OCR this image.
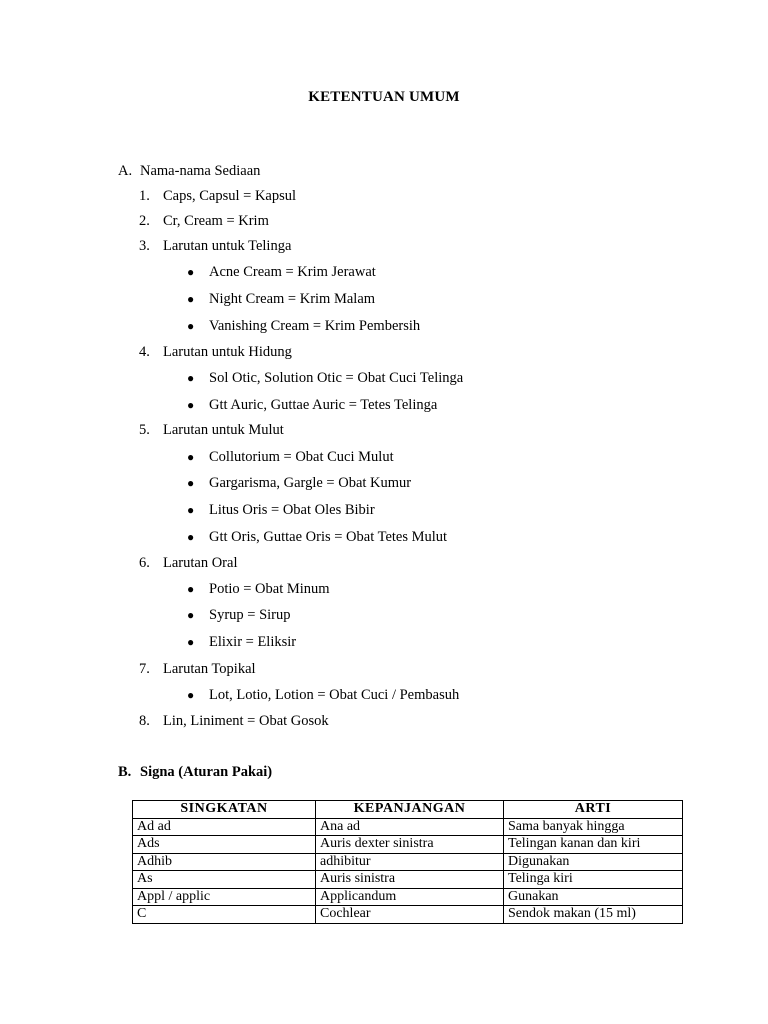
KETENTUAN UMUM
A. Nama-nama Sediaan
1. Caps, Capsul = Kapsul
2. Cr, Cream = Krim
3. Larutan untuk Telinga
● Acne Cream = Krim Jerawat
● Night Cream = Krim Malam
● Vanishing Cream = Krim Pembersih
4. Larutan untuk Hidung
● Sol Otic, Solution Otic = Obat Cuci Telinga
● Gtt Auric, Guttae Auric = Tetes Telinga
5. Larutan untuk Mulut
● Collutorium = Obat Cuci Mulut
● Gargarisma, Gargle = Obat Kumur
● Litus Oris = Obat Oles Bibir
● Gtt Oris, Guttae Oris = Obat Tetes Mulut
6. Larutan Oral
● Potio = Obat Minum
● Syrup = Sirup
● Elixir = Eliksir
7. Larutan Topikal
● Lot, Lotio, Lotion = Obat Cuci / Pembasuh
8. Lin, Liniment = Obat Gosok
B. Signa (Aturan Pakai)
SINGKATAN	KEPANJANGAN	ARTI
Ad ad	Ana ad	Sama banyak hingga
Ads	Auris dexter sinistra	Telingan kanan dan kiri
Adhib	adhibitur	Digunakan
As	Auris sinistra	Telinga kiri
Appl / applic	Applicandum	Gunakan
C	Cochlear	Sendok makan (15 ml)
